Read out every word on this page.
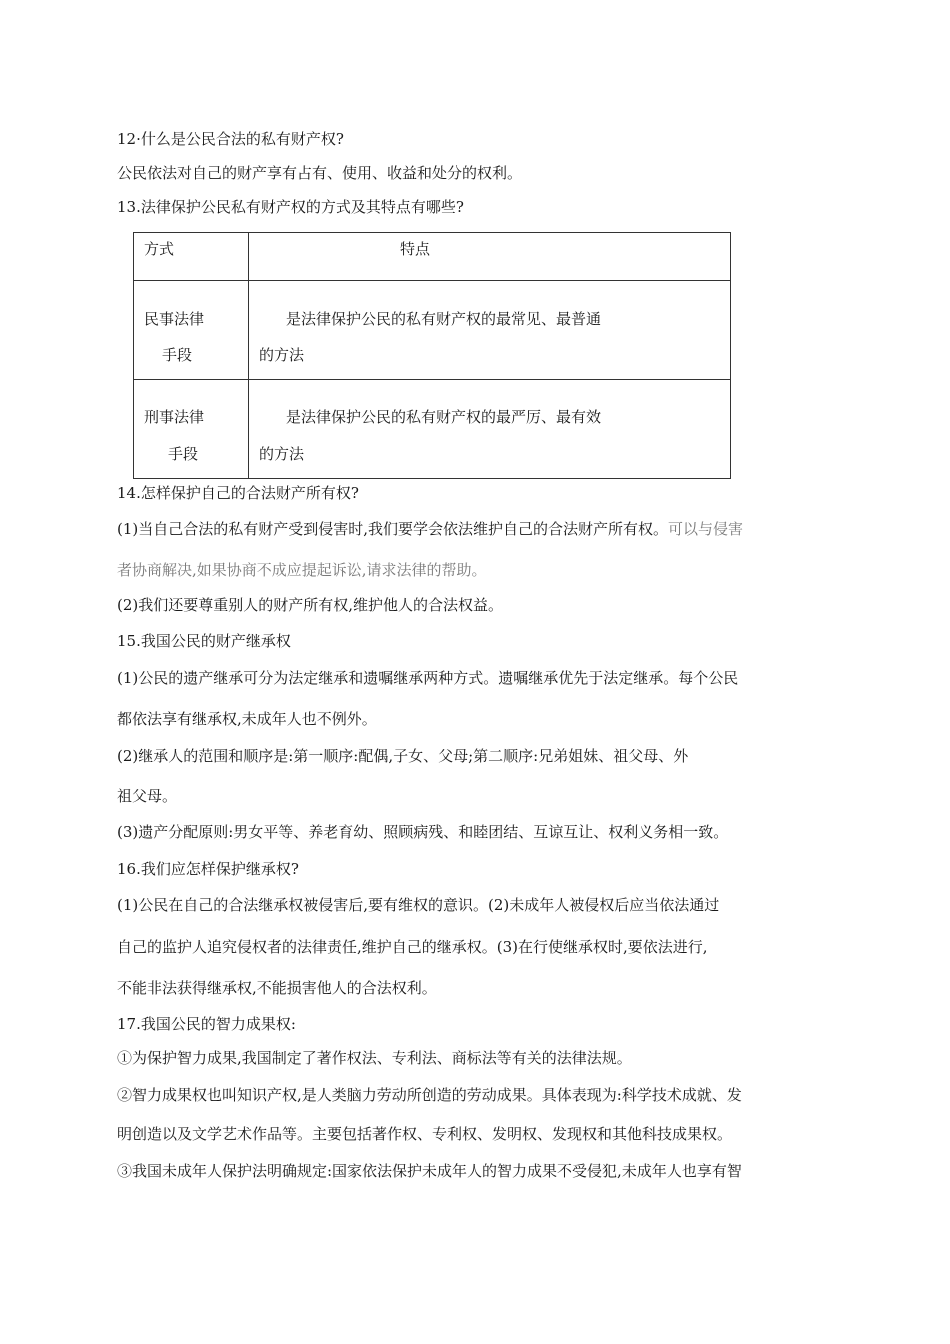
12·什么是公民合法的私有财产权?
公民依法对自己的财产享有占有、使用、收益和处分的权利。
13.法律保护公民私有财产权的方式及其特点有哪些?
方式	特点

民事法律
手段	是法律保护公民的私有财产权的最常见、最普通
的方法

刑事法律
手段	是法律保护公民的私有财产权的最严厉、最有效
的方法
14.怎样保护自己的合法财产所有权?
(1)当自己合法的私有财产受到侵害时,我们要学会依法维护自己的合法财产所有权。可以与侵害
者协商解决,如果协商不成应提起诉讼,请求法律的帮助。
(2)我们还要尊重别人的财产所有权,维护他人的合法权益。
15.我国公民的财产继承权
(1)公民的遗产继承可分为法定继承和遗嘱继承两种方式。遗嘱继承优先于法定继承。每个公民
都依法享有继承权,未成年人也不例外。
(2)继承人的范围和顺序是:第一顺序:配偶,子女、父母;第二顺序:兄弟姐妹、祖父母、外
祖父母。
(3)遗产分配原则:男女平等、养老育幼、照顾病残、和睦团结、互谅互让、权利义务相一致。
16.我们应怎样保护继承权?
(1)公民在自己的合法继承权被侵害后,要有维权的意识。(2)未成年人被侵权后应当依法通过
自己的监护人追究侵权者的法律责任,维护自己的继承权。(3)在行使继承权时,要依法进行,
不能非法获得继承权,不能损害他人的合法权利。
17.我国公民的智力成果权:
①为保护智力成果,我国制定了著作权法、专利法、商标法等有关的法律法规。
②智力成果权也叫知识产权,是人类脑力劳动所创造的劳动成果。具体表现为:科学技术成就、发
明创造以及文学艺术作品等。主要包括著作权、专利权、发明权、发现权和其他科技成果权。
③我国未成年人保护法明确规定:国家依法保护未成年人的智力成果不受侵犯,未成年人也享有智
